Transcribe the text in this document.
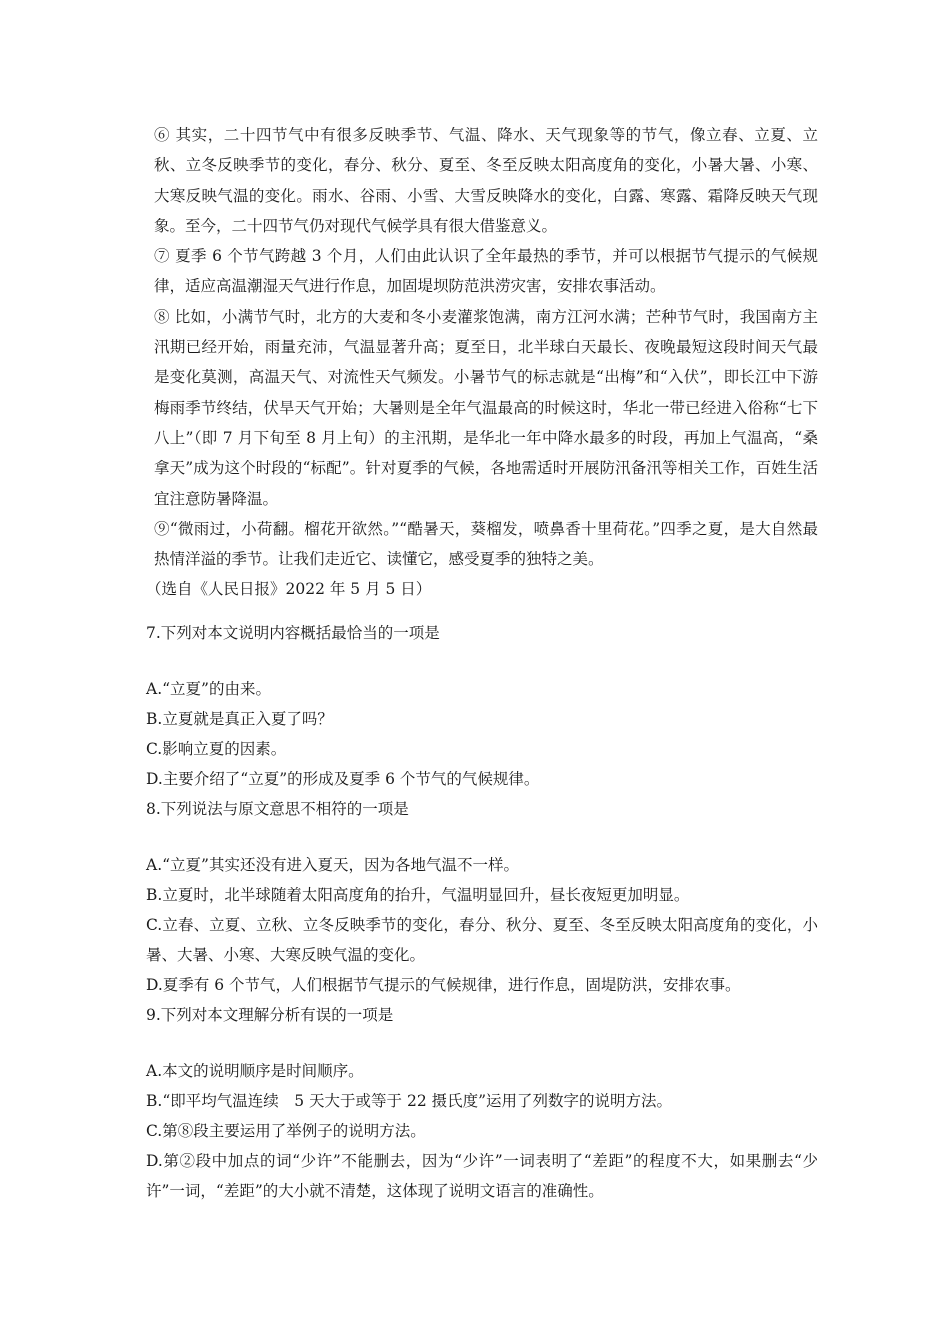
⑥ 其实，二十四节气中有很多反映季节、气温、降水、天气现象等的节气，像立春、立夏、立秋、立冬反映季节的变化，春分、秋分、夏至、冬至反映太阳高度角的变化，小暑大暑、小寒、大寒反映气温的变化。雨水、谷雨、小雪、大雪反映降水的变化，白露、寒露、霜降反映天气现象。至今，二十四节气仍对现代气候学具有很大借鉴意义。

⑦ 夏季 6 个节气跨越 3 个月，人们由此认识了全年最热的季节，并可以根据节气提示的气候规律，适应高温潮湿天气进行作息，加固堤坝防范洪涝灾害，安排农事活动。

⑧ 比如，小满节气时，北方的大麦和冬小麦灌浆饱满，南方江河水满；芒种节气时，我国南方主汛期已经开始，雨量充沛，气温显著升高；夏至日，北半球白天最长、夜晚最短这段时间天气最是变化莫测，高温天气、对流性天气频发。小暑节气的标志就是“出梅”和“入伏”，即长江中下游梅雨季节终结，伏旱天气开始；大暑则是全年气温最高的时候这时，华北一带已经进入俗称“七下八上”（即 7 月下旬至 8 月上旬）的主汛期，是华北一年中降水最多的时段，再加上气温高，“桑拿天”成为这个时段的“标配”。针对夏季的气候，各地需适时开展防汛备汛等相关工作，百姓生活宜注意防暑降温。

⑨“微雨过，小荷翻。榴花开欲然。”“酷暑天，葵榴发，喷鼻香十里荷花。”四季之夏，是大自然最热情洋溢的季节。让我们走近它、读懂它，感受夏季的独特之美。

（选自《人民日报》2022 年 5 月 5 日）

7.下列对本文说明内容概括最恰当的一项是

A.“立夏”的由来。

B.立夏就是真正入夏了吗？

C.影响立夏的因素。

D.主要介绍了“立夏”的形成及夏季 6 个节气的气候规律。

8.下列说法与原文意思不相符的一项是

A.“立夏”其实还没有进入夏天，因为各地气温不一样。

B.立夏时，北半球随着太阳高度角的抬升，气温明显回升，昼长夜短更加明显。

C.立春、立夏、立秋、立冬反映季节的变化，春分、秋分、夏至、冬至反映太阳高度角的变化，小暑、大暑、小寒、大寒反映气温的变化。

D.夏季有 6 个节气，人们根据节气提示的气候规律，进行作息，固堤防洪，安排农事。

9.下列对本文理解分析有误的一项是

A.本文的说明顺序是时间顺序。

B.“即平均气温连续　5 天大于或等于 22 摄氏度”运用了列数字的说明方法。

C.第⑧段主要运用了举例子的说明方法。

D.第②段中加点的词“少许”不能删去，因为“少许”一词表明了“差距”的程度不大，如果删去“少许”一词，“差距”的大小就不清楚，这体现了说明文语言的准确性。
